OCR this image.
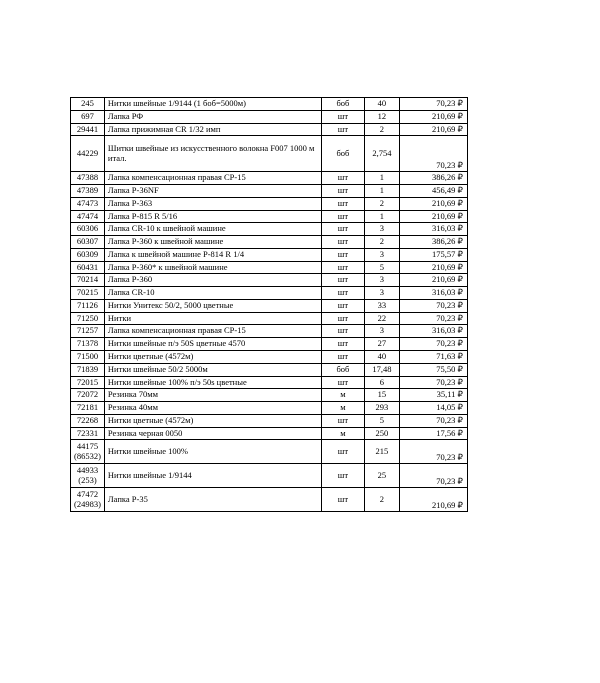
245	Нитки швейные 1/9144 (1 боб=5000м)	боб	40	70,23 ₽
697	Лапка РФ	шт	12	210,69 ₽
29441	Лапка прижимная CR 1/32 имп	шт	2	210,69 ₽
44229	Шитки швейные из искусственного волокна F007 1000 м итал.	боб	2,754	70,23 ₽
47388	Лапка компенсационная правая CP-15	шт	1	386,26 ₽
47389	Лапка P-36NF	шт	1	456,49 ₽
47473	Лапка P-363	шт	2	210,69 ₽
47474	Лапка P-815 R 5/16	шт	1	210,69 ₽
60306	Лапка CR-10 к швейной машине	шт	3	316,03 ₽
60307	Лапка P-360 к швейной машине	шт	2	386,26 ₽
60309	Лапка к швейной машине P-814 R 1/4	шт	3	175,57 ₽
60431	Лапка P-360* к швейной машине	шт	5	210,69 ₽
70214	Лапка P-360	шт	3	210,69 ₽
70215	Лапка CR-10	шт	3	316,03 ₽
71126	Нитки Унитекс 50/2, 5000 цветные	шт	33	70,23 ₽
71250	Нитки	шт	22	70,23 ₽
71257	Лапка компенсационная правая CP-15	шт	3	316,03 ₽
71378	Нитки швейные п/э 50S цветные 4570	шт	27	70,23 ₽
71500	Нитки цветные (4572м)	шт	40	71,63 ₽
71839	Нитки швейные 50/2 5000м	боб	17,48	75,50 ₽
72015	Нитки швейные 100% п/э 50s цветные	шт	6	70,23 ₽
72072	Резинка 70мм	м	15	35,11 ₽
72181	Резинка 40мм	м	293	14,05 ₽
72268	Нитки цветные (4572м)	шт	5	70,23 ₽
72331	Резинка черная 0050	м	250	17,56 ₽
44175 (86532)	Нитки швейные 100%	шт	215	70,23 ₽
44933 (253)	Нитки швейные 1/9144	шт	25	70,23 ₽
47472 (24983)	Лапка P-35	шт	2	210,69 ₽
